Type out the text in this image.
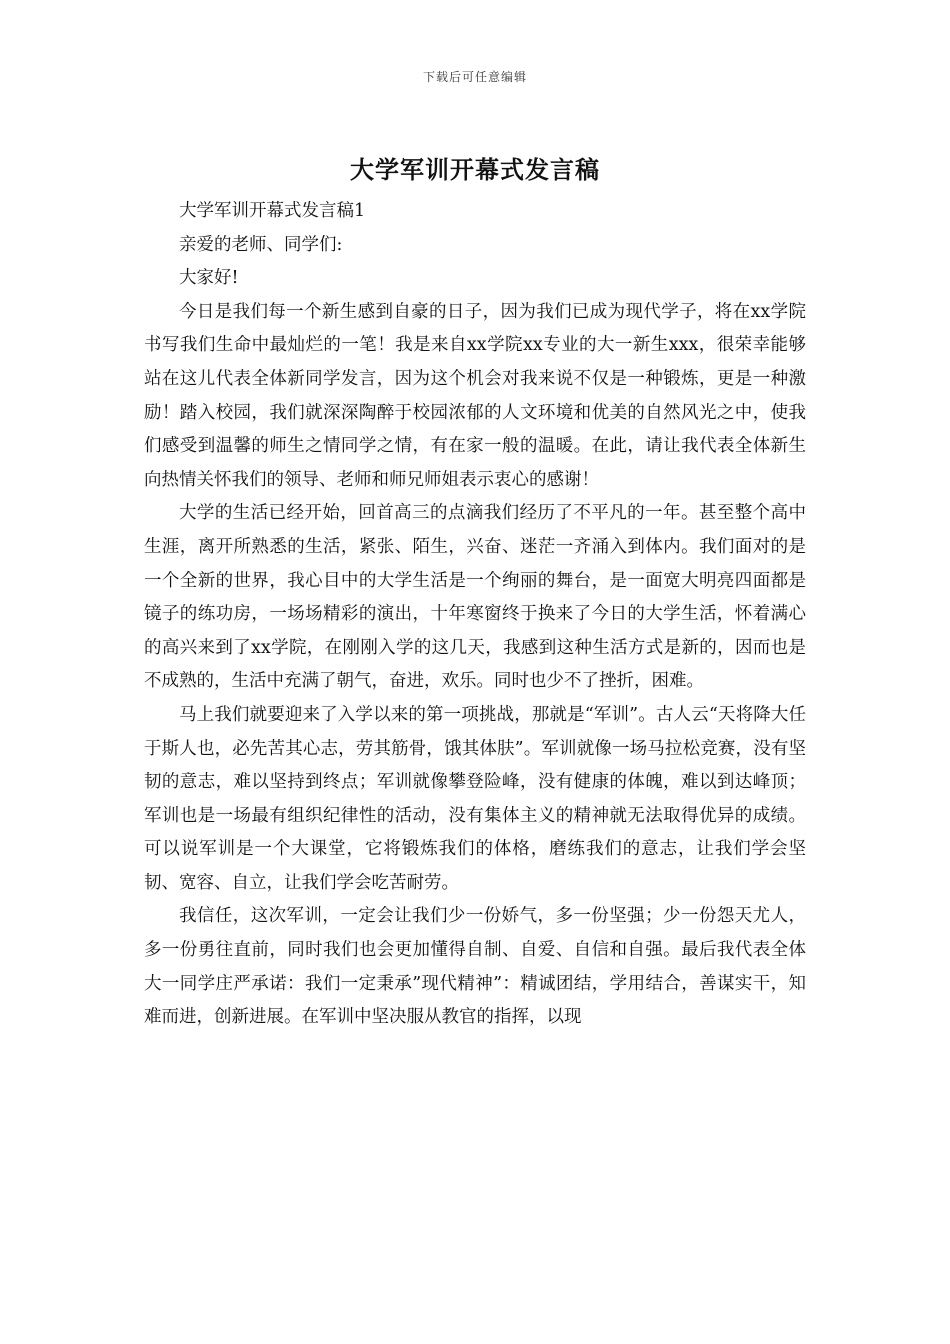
下载后可任意编辑
大学军训开幕式发言稿

大学军训开幕式发言稿1

亲爱的老师、同学们:

大家好!

今日是我们每一个新生感到自豪的日子，因为我们已成为现代学子，将在xx学院书写我们生命中最灿烂的一笔！我是来自xx学院xx专业的大一新生xxx，很荣幸能够站在这儿代表全体新同学发言，因为这个机会对我来说不仅是一种锻炼，更是一种激励！踏入校园，我们就深深陶醉于校园浓郁的人文环境和优美的自然风光之中，使我们感受到温馨的师生之情同学之情，有在家一般的温暖。在此，请让我代表全体新生向热情关怀我们的领导、老师和师兄师姐表示衷心的感谢！

大学的生活已经开始，回首高三的点滴我们经历了不平凡的一年。甚至整个高中生涯，离开所熟悉的生活，紧张、陌生，兴奋、迷茫一齐涌入到体内。我们面对的是一个全新的世界，我心目中的大学生活是一个绚丽的舞台，是一面宽大明亮四面都是镜子的练功房，一场场精彩的演出，十年寒窗终于换来了今日的大学生活，怀着满心的高兴来到了xx学院，在刚刚入学的这几天，我感到这种生活方式是新的，因而也是不成熟的，生活中充满了朝气，奋进，欢乐。同时也少不了挫折，困难。

马上我们就要迎来了入学以来的第一项挑战，那就是“军训”。古人云“天将降大任于斯人也，必先苦其心志，劳其筋骨，饿其体肤”。军训就像一场马拉松竞赛，没有坚韧的意志，难以坚持到终点；军训就像攀登险峰，没有健康的体魄，难以到达峰顶；军训也是一场最有组织纪律性的活动，没有集体主义的精神就无法取得优异的成绩。可以说军训是一个大课堂，它将锻炼我们的体格，磨练我们的意志，让我们学会坚韧、宽容、自立，让我们学会吃苦耐劳。

我信任，这次军训，一定会让我们少一份娇气，多一份坚强；少一份怨天尤人，多一份勇往直前，同时我们也会更加懂得自制、自爱、自信和自强。最后我代表全体大一同学庄严承诺：我们一定秉承”现代精神”：精诚团结，学用结合，善谋实干，知难而进，创新进展。在军训中坚决服从教官的指挥，以现
